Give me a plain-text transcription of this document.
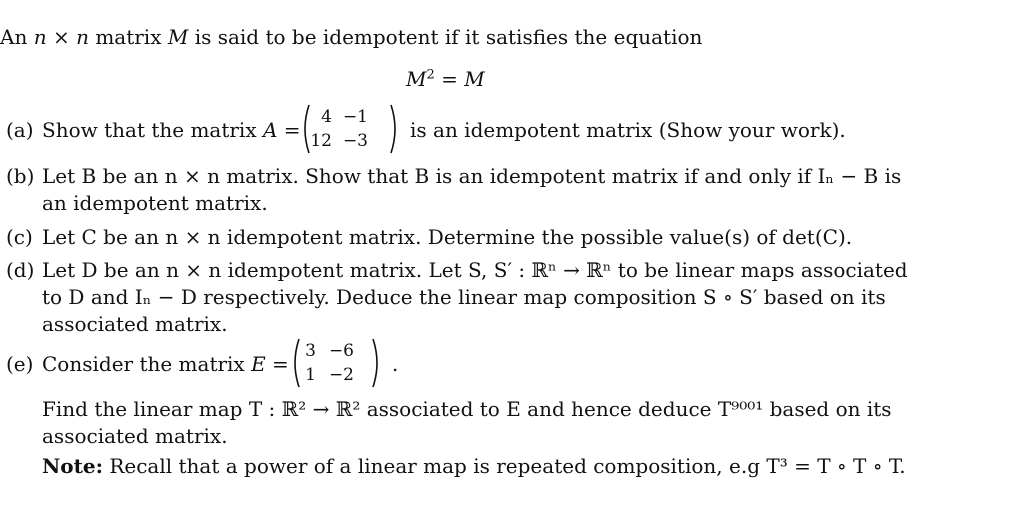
An n × n matrix M is said to be idempotent if it satisfies the equation
$M^2 = M$
(a) Show that the matrix A =
4 −1
12 −3 is an idempotent matrix (Show your work).
(b) Let B be an n × n matrix. Show that B is an idempotent matrix if and only if Iₙ − B is
an idempotent matrix.
(c) Let C be an n × n idempotent matrix. Determine the possible value(s) of det(C).
(d) Let D be an n × n idempotent matrix. Let S, S′ : ℝⁿ → ℝⁿ to be linear maps associated
to D and Iₙ − D respectively. Deduce the linear map composition S ∘ S′ based on its
associated matrix.
(e) Consider the matrix E =
3 −6
1 −2 .
Find the linear map T : ℝ² → ℝ² associated to E and hence deduce T⁹⁰⁰¹ based on its
associated matrix.
Note: Recall that a power of a linear map is repeated composition, e.g T³ = T ∘ T ∘ T.
